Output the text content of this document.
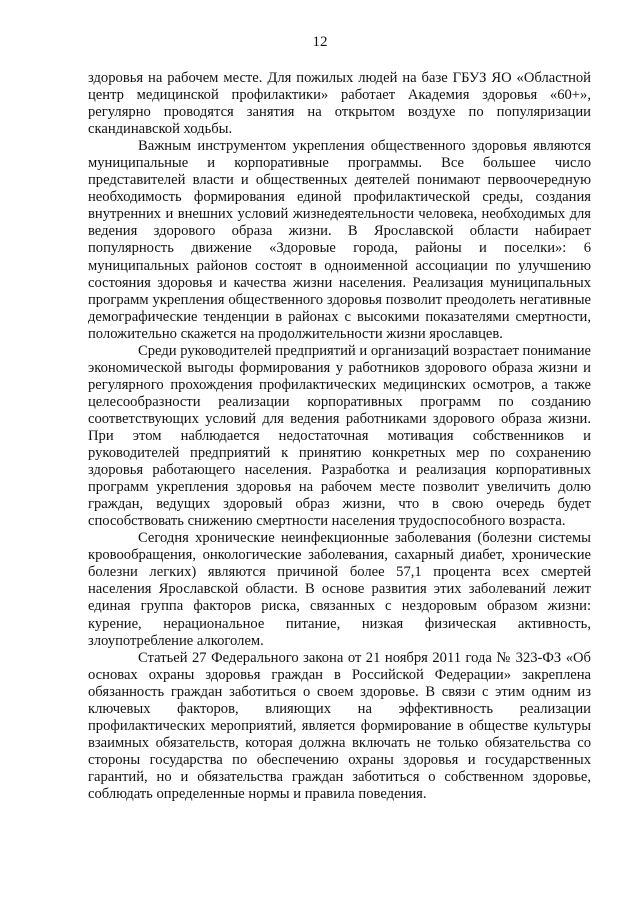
12

здоровья на рабочем месте. Для пожилых людей на базе ГБУЗ ЯО «Областной центр медицинской профилактики» работает Академия здоровья «60+», регулярно проводятся занятия на открытом воздухе по популяризации скандинавской ходьбы.

Важным инструментом укрепления общественного здоровья являются муниципальные и корпоративные программы. Все большее число представителей власти и общественных деятелей понимают первоочередную необходимость формирования единой профилактической среды, создания внутренних и внешних условий жизнедеятельности человека, необходимых для ведения здорового образа жизни. В Ярославской области набирает популярность движение «Здоровые города, районы и поселки»: 6 муниципальных районов состоят в одноименной ассоциации по улучшению состояния здоровья и качества жизни населения. Реализация муниципальных программ укрепления общественного здоровья позволит преодолеть негативные демографические тенденции в районах с высокими показателями смертности, положительно скажется на продолжительности жизни ярославцев.

Среди руководителей предприятий и организаций возрастает понимание экономической выгоды формирования у работников здорового образа жизни и регулярного прохождения профилактических медицинских осмотров, а также целесообразности реализации корпоративных программ по созданию соответствующих условий для ведения работниками здорового образа жизни. При этом наблюдается недостаточная мотивация собственников и руководителей предприятий к принятию конкретных мер по сохранению здоровья работающего населения. Разработка и реализация корпоративных программ укрепления здоровья на рабочем месте позволит увеличить долю граждан, ведущих здоровый образ жизни, что в свою очередь будет способствовать снижению смертности населения трудоспособного возраста.

Сегодня хронические неинфекционные заболевания (болезни системы кровообращения, онкологические заболевания, сахарный диабет, хронические болезни легких) являются причиной более 57,1 процента всех смертей населения Ярославской области. В основе развития этих заболеваний лежит единая группа факторов риска, связанных с нездоровым образом жизни: курение, нерациональное питание, низкая физическая активность, злоупотребление алкоголем.

Статьей 27 Федерального закона от 21 ноября 2011 года № 323-ФЗ «Об основах охраны здоровья граждан в Российской Федерации» закреплена обязанность граждан заботиться о своем здоровье. В связи с этим одним из ключевых факторов, влияющих на эффективность реализации профилактических мероприятий, является формирование в обществе культуры взаимных обязательств, которая должна включать не только обязательства со стороны государства по обеспечению охраны здоровья и государственных гарантий, но и обязательства граждан заботиться о собственном здоровье, соблюдать определенные нормы и правила поведения.
